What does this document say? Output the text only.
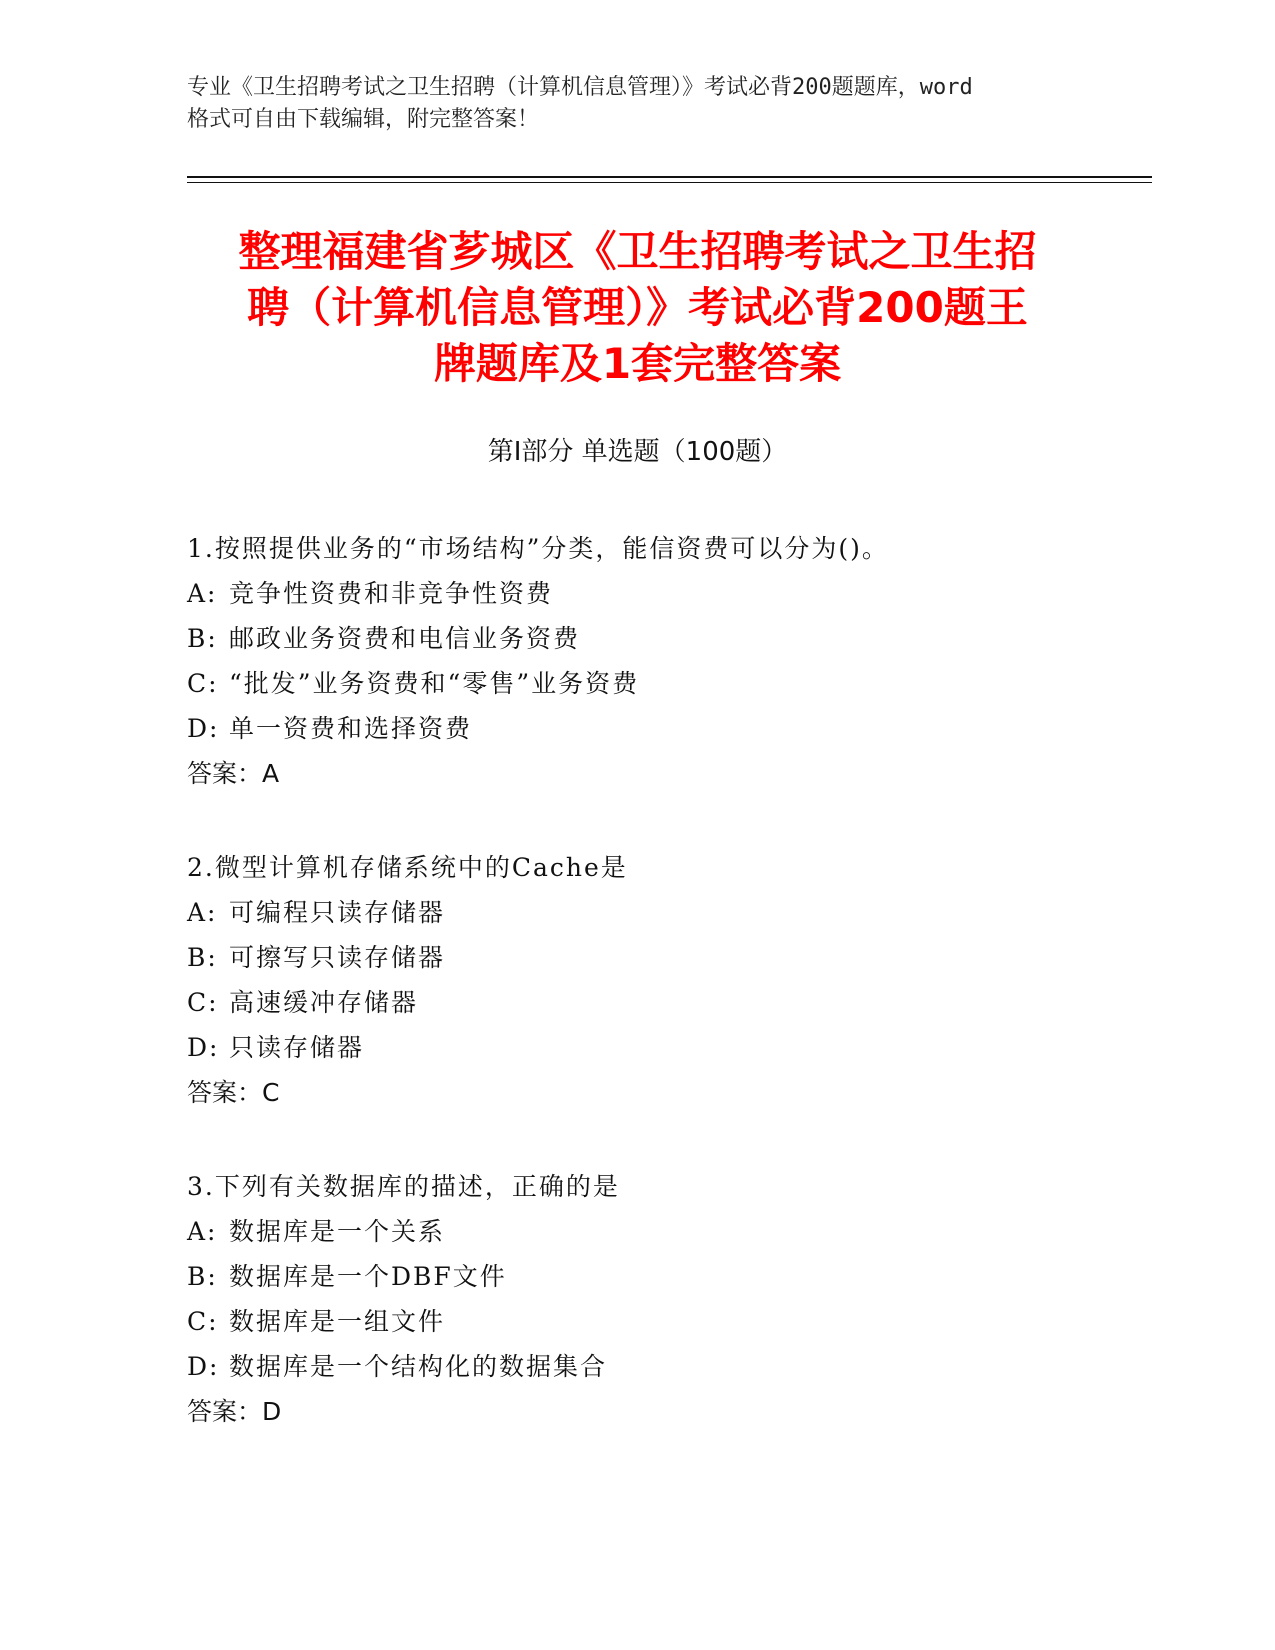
专业《卫生招聘考试之卫生招聘（计算机信息管理）》考试必背200题题库，word
格式可自由下载编辑，附完整答案！
整理福建省芗城区《卫生招聘考试之卫生招
聘（计算机信息管理）》考试必背200题王
牌题库及1套完整答案
第Ⅰ部分 单选题（100题）
1.按照提供业务的“市场结构”分类，能信资费可以分为()。
A: 竞争性资费和非竞争性资费
B: 邮政业务资费和电信业务资费
C: “批发”业务资费和“零售”业务资费
D: 单一资费和选择资费
答案：A
2.微型计算机存储系统中的Cache是
A: 可编程只读存储器
B: 可擦写只读存储器
C: 高速缓冲存储器
D: 只读存储器
答案：C
3.下列有关数据库的描述，正确的是
A: 数据库是一个关系
B: 数据库是一个DBF文件
C: 数据库是一组文件
D: 数据库是一个结构化的数据集合
答案：D
